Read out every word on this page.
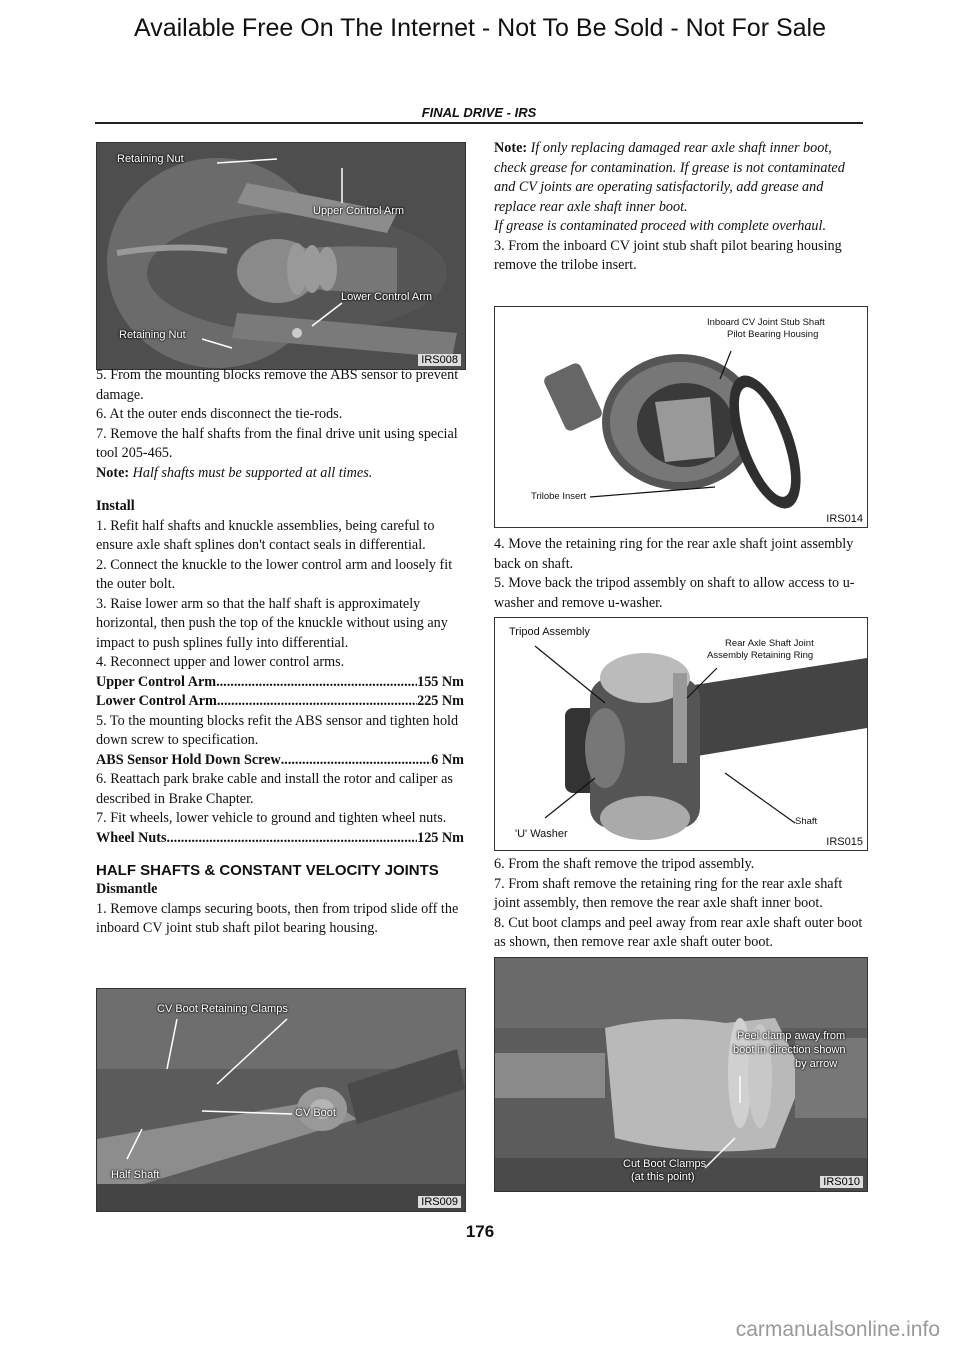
Available Free On The Internet - Not To Be Sold - Not For Sale
FINAL DRIVE - IRS
Retaining Nut
Upper Control Arm
Lower Control Arm
Retaining Nut
IRS008

5. From the mounting blocks remove the ABS sensor to prevent damage.

6. At the outer ends disconnect the tie-rods.

7. Remove the half shafts from the final drive unit using special tool 205-465.

Note: Half shafts must be supported at all times.

Install

1. Refit half shafts and knuckle assemblies, being careful to ensure axle shaft splines don't contact seals in differential.

2. Connect the knuckle to the lower control arm and loosely fit the outer bolt.

3. Raise lower arm so that the half shaft is approximately horizontal, then push the top of the knuckle without using any impact to push splines fully into differential.

4. Reconnect upper and lower control arms.

Upper Control Arm .....	155 Nm
Lower Control Arm .....	225 Nm

5. To the mounting blocks refit the ABS sensor and tighten hold down screw to specification.

ABS Sensor Hold Down Screw .....	6 Nm

6. Reattach park brake cable and install the rotor and caliper as described in Brake Chapter.

7. Fit wheels, lower vehicle to ground and tighten wheel nuts.

Wheel Nuts .....	125 Nm

HALF SHAFTS & CONSTANT VELOCITY JOINTS

Dismantle

1. Remove clamps securing boots, then from tripod slide off the inboard CV joint stub shaft pilot bearing housing.

CV Boot Retaining Clamps
CV Boot
Half Shaft
IRS009

Note: If only replacing damaged rear axle shaft inner boot, check grease for contamination. If grease is not contaminated and CV joints are operating satisfactorily, add grease and replace rear axle shaft inner boot.

If grease is contaminated proceed with complete overhaul.

3. From the inboard CV joint stub shaft pilot bearing housing remove the trilobe insert.

Inboard CV Joint Stub Shaft
Pilot Bearing Housing
Trilobe Insert
IRS014

4. Move the retaining ring for the rear axle shaft joint assembly back on shaft.

5. Move back the tripod assembly on shaft to allow access to u-washer and remove u-washer.

Tripod Assembly
Rear Axle Shaft Joint
Assembly Retaining Ring
Shaft
'U' Washer
IRS015

6. From the shaft remove the tripod assembly.

7. From shaft remove the retaining ring for the rear axle shaft joint assembly, then remove the rear axle shaft inner boot.

8. Cut boot clamps and peel away from rear axle shaft outer boot as shown, then remove rear axle shaft outer boot.

Peel clamp away from
boot in direction shown
by arrow
Cut Boot Clamps
(at this point)	IRS010
176
carmanualsonline.info
